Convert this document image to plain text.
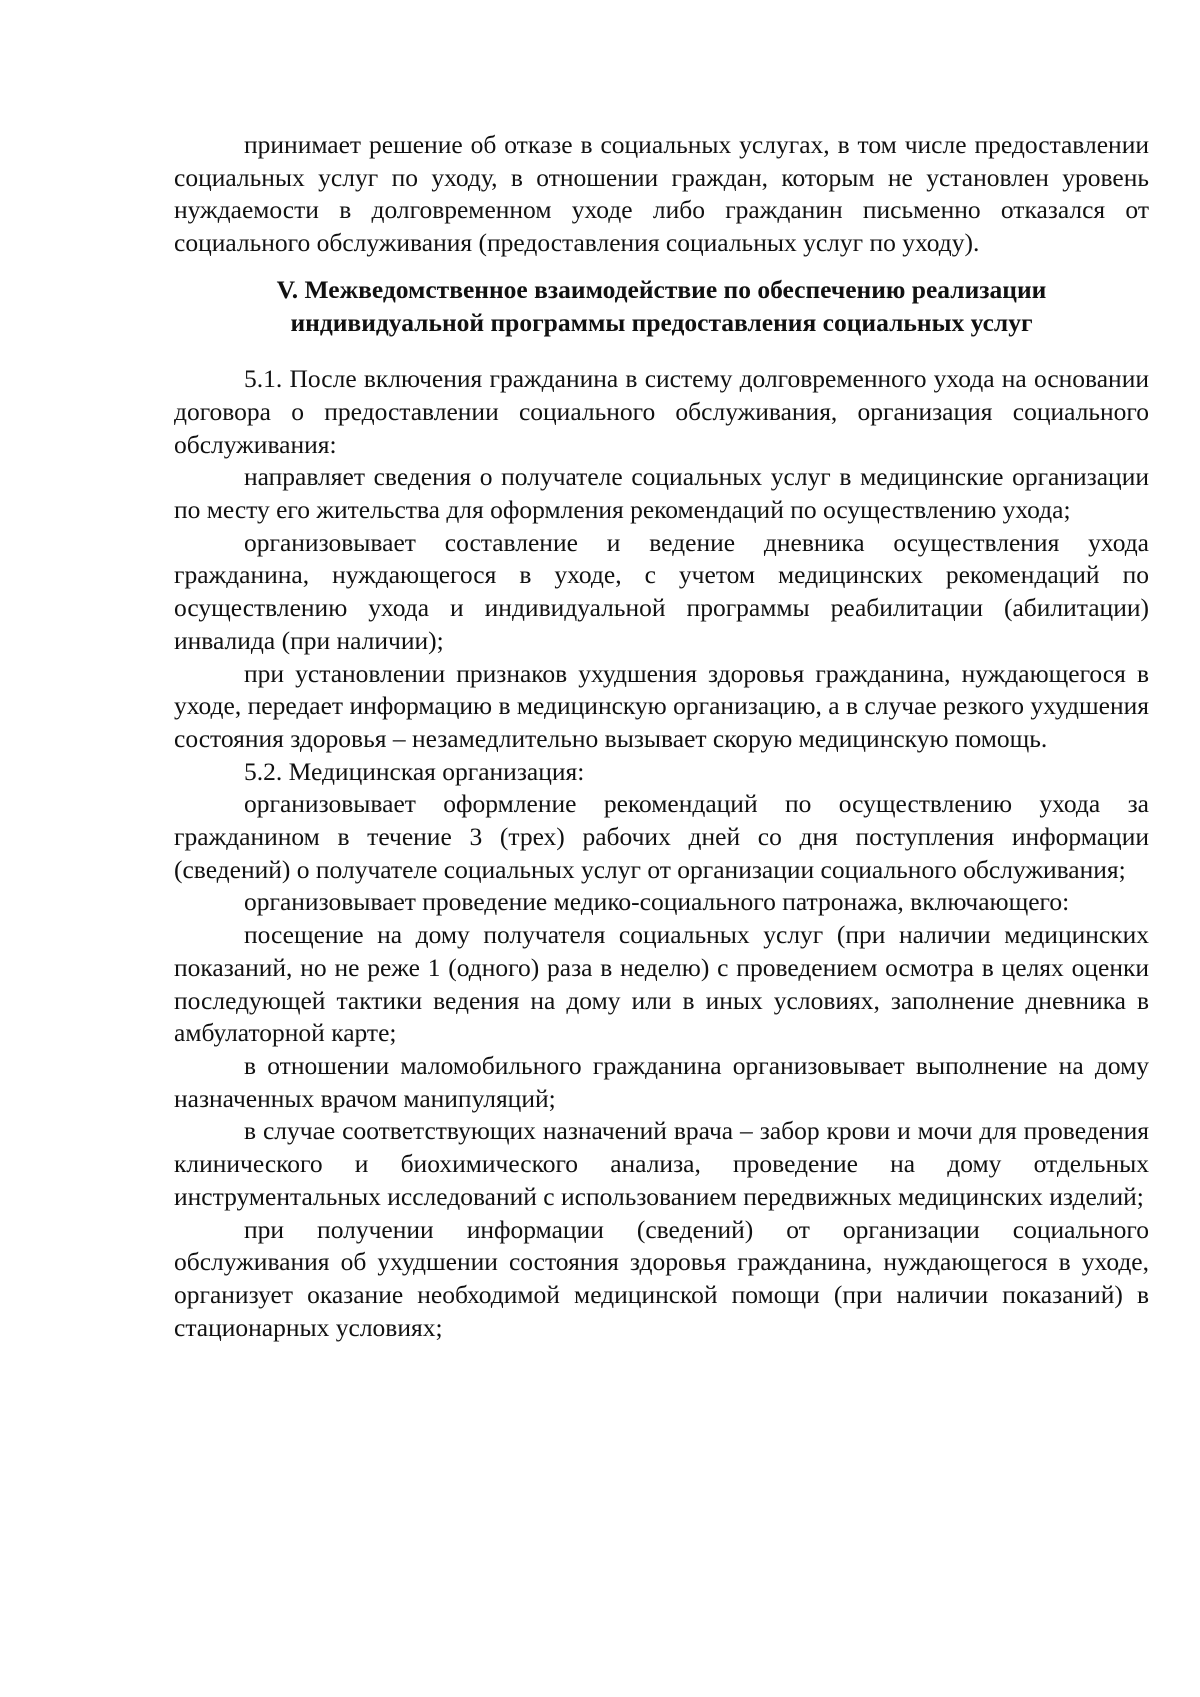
принимает решение об отказе в социальных услугах, в том числе предоставлении социальных услуг по уходу, в отношении граждан, которым не установлен уровень нуждаемости в долговременном уходе либо гражданин письменно отказался от социального обслуживания (предоставления социальных услуг по уходу).

V. Межведомственное взаимодействие по обеспечению реализации индивидуальной программы предоставления социальных услуг

5.1. После включения гражданина в систему долговременного ухода на основании договора о предоставлении социального обслуживания, организация социального обслуживания:

направляет сведения о получателе социальных услуг в медицинские организации по месту его жительства для оформления рекомендаций по осуществлению ухода;

организовывает составление и ведение дневника осуществления ухода гражданина, нуждающегося в уходе, с учетом медицинских рекомендаций по осуществлению ухода и индивидуальной программы реабилитации (абилитации) инвалида (при наличии);

при установлении признаков ухудшения здоровья гражданина, нуждающегося в уходе, передает информацию в медицинскую организацию, а в случае резкого ухудшения состояния здоровья – незамедлительно вызывает скорую медицинскую помощь.

5.2. Медицинская организация:

организовывает оформление рекомендаций по осуществлению ухода за гражданином в течение 3 (трех) рабочих дней со дня поступления информации (сведений) о получателе социальных услуг от организации социального обслуживания;

организовывает проведение медико-социального патронажа, включающего:

посещение на дому получателя социальных услуг (при наличии медицинских показаний, но не реже 1 (одного) раза в неделю) с проведением осмотра в целях оценки последующей тактики ведения на дому или в иных условиях, заполнение дневника в амбулаторной карте;

в отношении маломобильного гражданина организовывает выполнение на дому назначенных врачом манипуляций;

в случае соответствующих назначений врача – забор крови и мочи для проведения клинического и биохимического анализа, проведение на дому отдельных инструментальных исследований с использованием передвижных медицинских изделий;

при получении информации (сведений) от организации социального обслуживания об ухудшении состояния здоровья гражданина, нуждающегося в уходе, организует оказание необходимой медицинской помощи (при наличии показаний) в стационарных условиях;
